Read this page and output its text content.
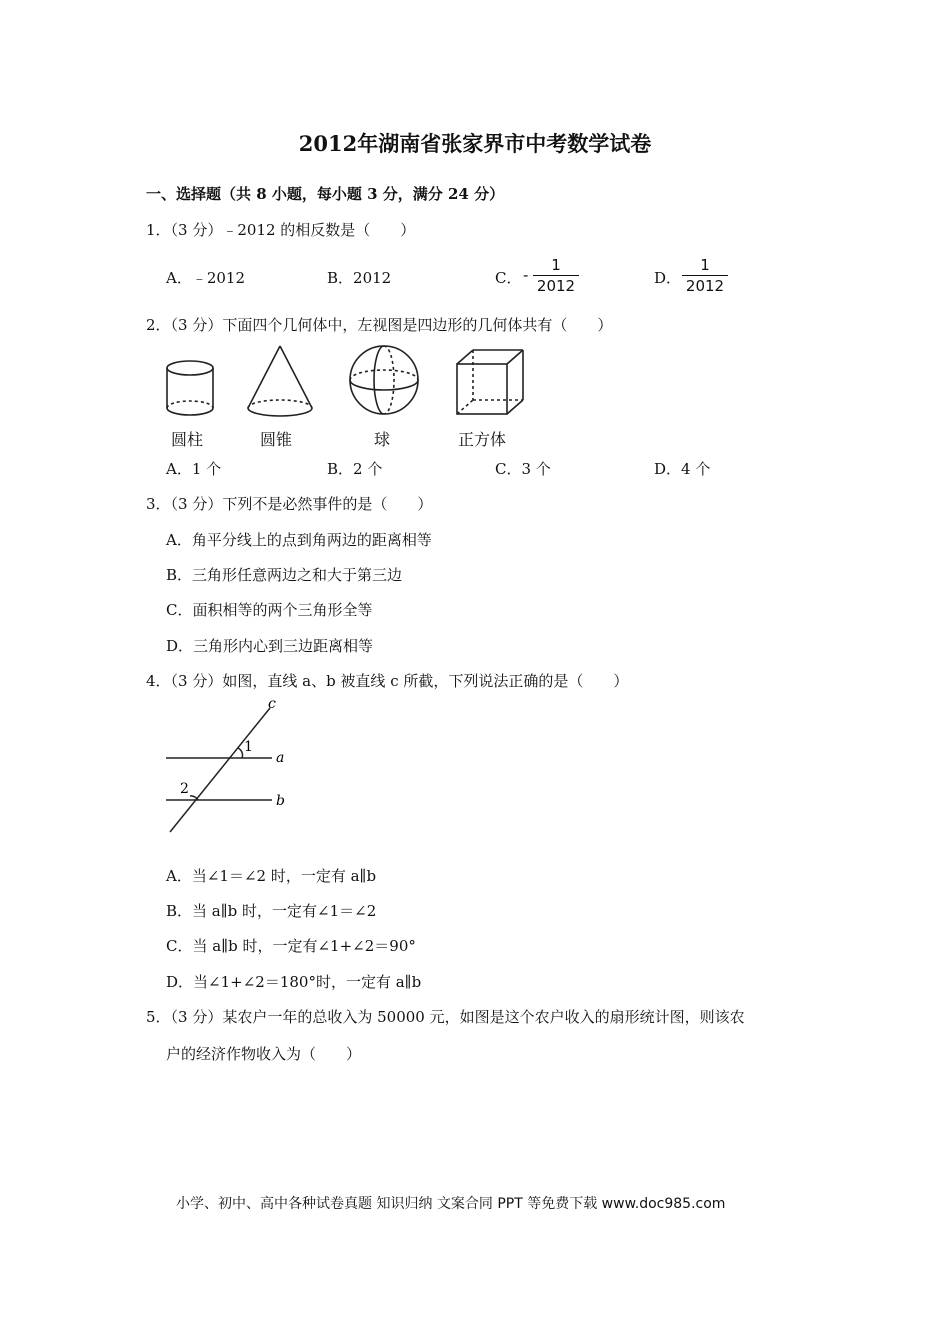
2012年湖南省张家界市中考数学试卷
一、选择题（共 8 小题，每小题 3 分，满分 24 分）
1．（3 分）﹣2012 的相反数是（　　）
A．﹣2012	B．2012	C． -
1
2012	D．
1
2012
2．（3 分）下面四个几何体中，左视图是四边形的几何体共有（　　）
圆柱	圆锥	球	正方体
A．1 个	B．2 个	C．3 个	D．4 个
3．（3 分）下列不是必然事件的是（　　）
A．角平分线上的点到角两边的距离相等
B．三角形任意两边之和大于第三边
C．面积相等的两个三角形全等
D．三角形内心到三边距离相等
4．（3 分）如图，直线 a、b 被直线 c 所截，下列说法正确的是（　　）
c
1
a
2
b
A．当∠1＝∠2 时，一定有 a∥b
B．当 a∥b 时，一定有∠1＝∠2
C．当 a∥b 时，一定有∠1+∠2＝90°
D．当∠1+∠2＝180°时，一定有 a∥b
5．（3 分）某农户一年的总收入为 50000 元，如图是这个农户收入的扇形统计图，则该农
户的经济作物收入为（　　）
小学、初中、高中各种试卷真题 知识归纳 文案合同 PPT 等免费下载 www.doc985.com
